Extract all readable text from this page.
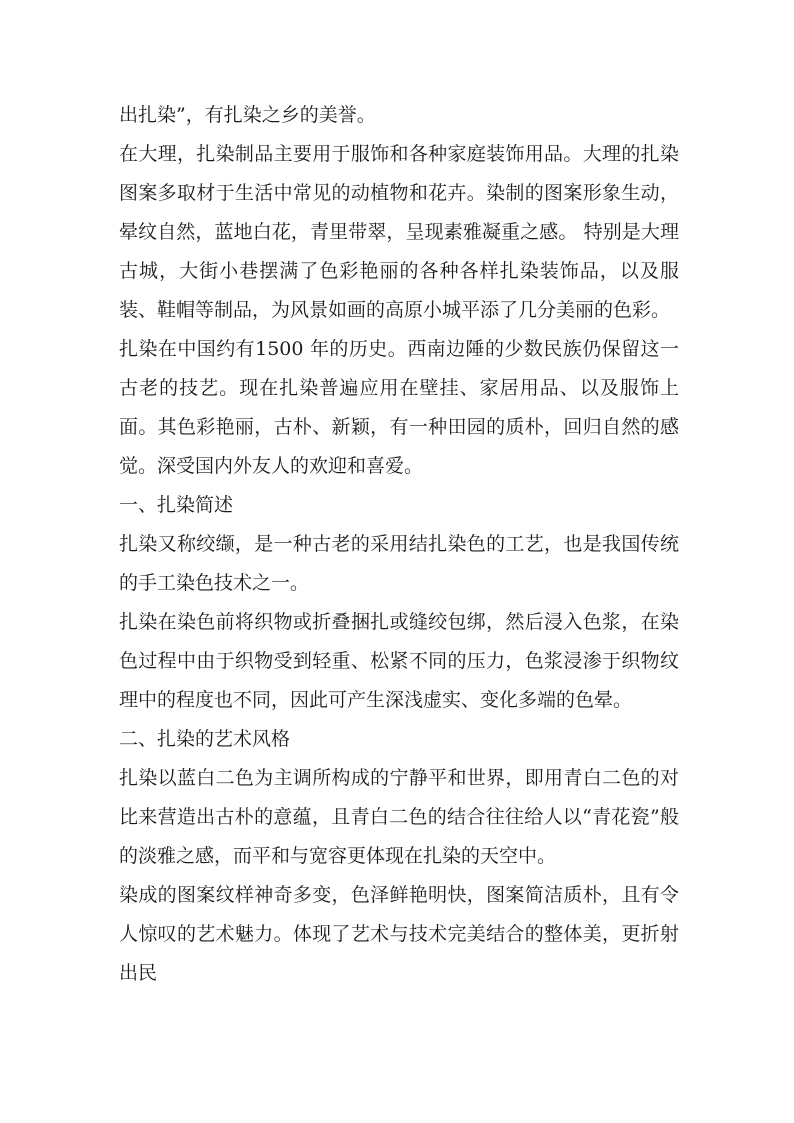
出扎染”，有扎染之乡的美誉。

在大理，扎染制品主要用于服饰和各种家庭装饰用品。大理的扎染图案多取材于生活中常见的动植物和花卉。染制的图案形象生动，晕纹自然，蓝地白花，青里带翠，呈现素雅凝重之感。 特别是大理古城，大街小巷摆满了色彩艳丽的各种各样扎染装饰品，以及服装、鞋帽等制品，为风景如画的高原小城平添了几分美丽的色彩。

扎染在中国约有1500 年的历史。西南边陲的少数民族仍保留这一古老的技艺。现在扎染普遍应用在壁挂、家居用品、以及服饰上面。其色彩艳丽，古朴、新颖，有一种田园的质朴，回归自然的感觉。深受国内外友人的欢迎和喜爱。

一、扎染简述

扎染又称绞缬，是一种古老的采用结扎染色的工艺，也是我国传统的手工染色技术之一。

扎染在染色前将织物或折叠捆扎或缝绞包绑，然后浸入色浆，在染色过程中由于织物受到轻重、松紧不同的压力，色浆浸渗于织物纹理中的程度也不同，因此可产生深浅虚实、变化多端的色晕。

二、扎染的艺术风格

扎染以蓝白二色为主调所构成的宁静平和世界，即用青白二色的对比来营造出古朴的意蕴，且青白二色的结合往往给人以“青花瓷”般的淡雅之感，而平和与宽容更体现在扎染的天空中。

染成的图案纹样神奇多变，色泽鲜艳明快，图案简洁质朴，且有令人惊叹的艺术魅力。体现了艺术与技术完美结合的整体美，更折射出民
